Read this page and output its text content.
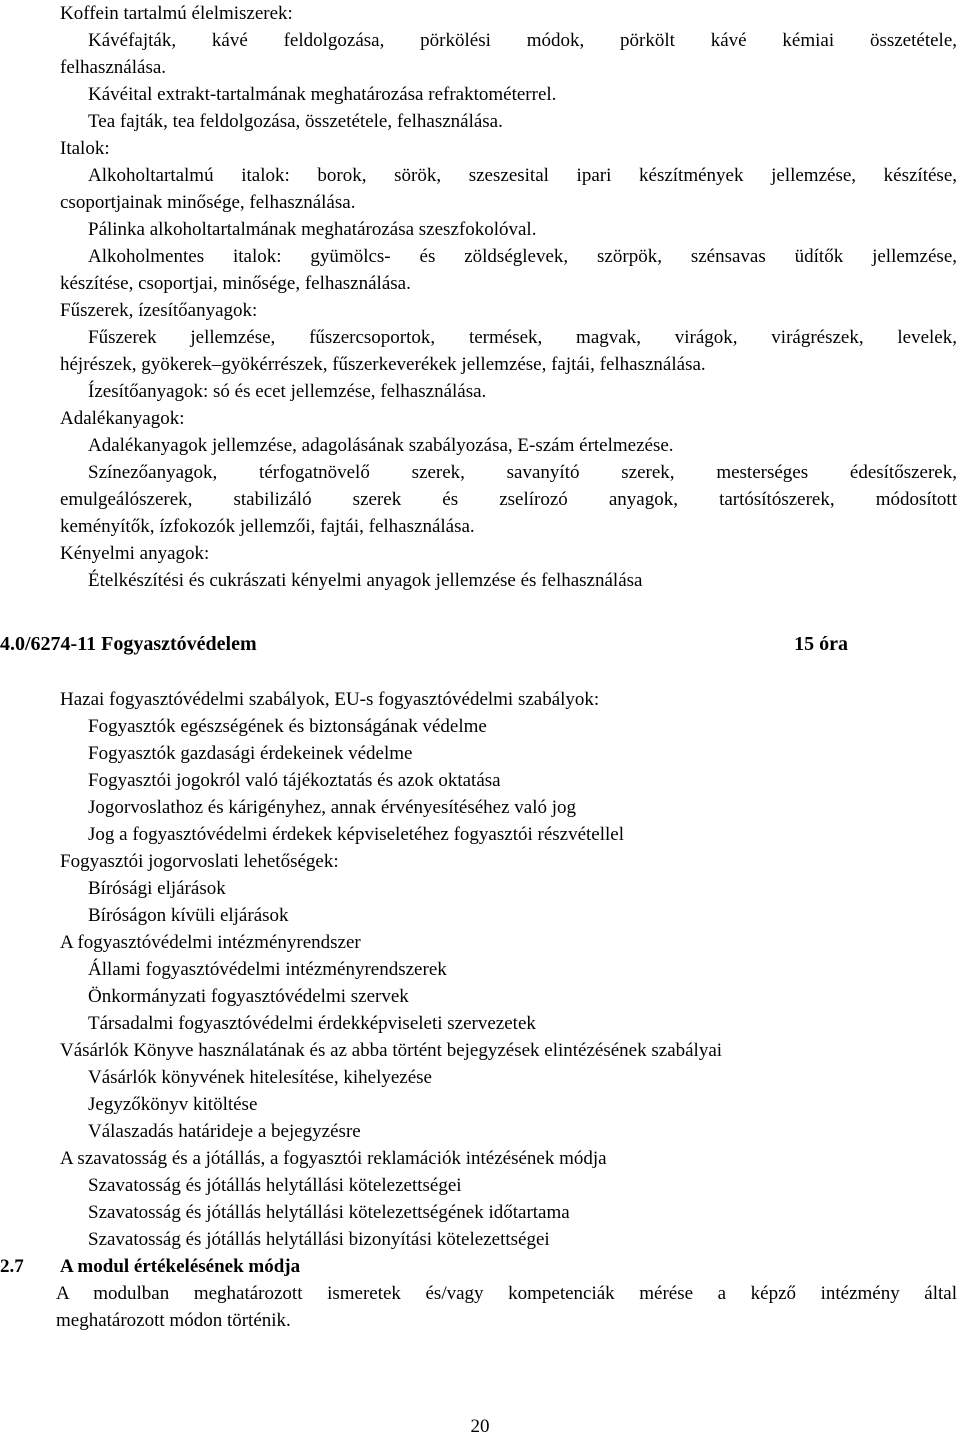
Koffein tartalmú élelmiszerek:
Kávéfajták, kávé feldolgozása, pörkölési módok, pörkölt kávé kémiai összetétele,
felhasználása.
Kávéital extrakt-tartalmának meghatározása refraktométerrel.
Tea fajták, tea feldolgozása, összetétele, felhasználása.
Italok:
Alkoholtartalmú italok: borok, sörök, szeszesital ipari készítmények jellemzése, készítése,
csoportjainak minősége, felhasználása.
Pálinka alkoholtartalmának meghatározása szeszfokolóval.
Alkoholmentes italok: gyümölcs- és zöldséglevek, szörpök, szénsavas üdítők jellemzése,
készítése, csoportjai, minősége, felhasználása.
Fűszerek, ízesítőanyagok:
Fűszerek jellemzése, fűszercsoportok, termések, magvak, virágok, virágrészek, levelek,
héjrészek, gyökerek–gyökérrészek, fűszerkeverékek jellemzése, fajtái, felhasználása.
Ízesítőanyagok: só és ecet jellemzése, felhasználása.
Adalékanyagok:
Adalékanyagok jellemzése, adagolásának szabályozása, E-szám értelmezése.
Színezőanyagok, térfogatnövelő szerek, savanyító szerek, mesterséges édesítőszerek,
emulgeálószerek, stabilizáló szerek és zselírozó anyagok, tartósítószerek, módosított
keményítők, ízfokozók jellemzői, fajtái, felhasználása.
Kényelmi anyagok:
Ételkészítési és cukrászati kényelmi anyagok jellemzése és felhasználása
4.0/6274-11 Fogyasztóvédelem	15 óra
Hazai fogyasztóvédelmi szabályok, EU-s fogyasztóvédelmi szabályok:
Fogyasztók egészségének és biztonságának védelme
Fogyasztók gazdasági érdekeinek védelme
Fogyasztói jogokról való tájékoztatás és azok oktatása
Jogorvoslathoz és kárigényhez, annak érvényesítéséhez való jog
Jog a fogyasztóvédelmi érdekek képviseletéhez fogyasztói részvétellel
Fogyasztói jogorvoslati lehetőségek:
Bírósági eljárások
Bíróságon kívüli eljárások
A fogyasztóvédelmi intézményrendszer
Állami fogyasztóvédelmi intézményrendszerek
Önkormányzati fogyasztóvédelmi szervek
Társadalmi fogyasztóvédelmi érdekképviseleti szervezetek
Vásárlók Könyve használatának és az abba történt bejegyzések elintézésének szabályai
Vásárlók könyvének hitelesítése, kihelyezése
Jegyzőkönyv kitöltése
Válaszadás határideje a bejegyzésre
A szavatosság és a jótállás, a fogyasztói reklamációk intézésének módja
Szavatosság és jótállás helytállási kötelezettségei
Szavatosság és jótállás helytállási kötelezettségének időtartama
Szavatosság és jótállás helytállási bizonyítási kötelezettségei
2.7 A modul értékelésének módja
A modulban meghatározott ismeretek és/vagy kompetenciák mérése a képző intézmény által
meghatározott módon történik.
20
